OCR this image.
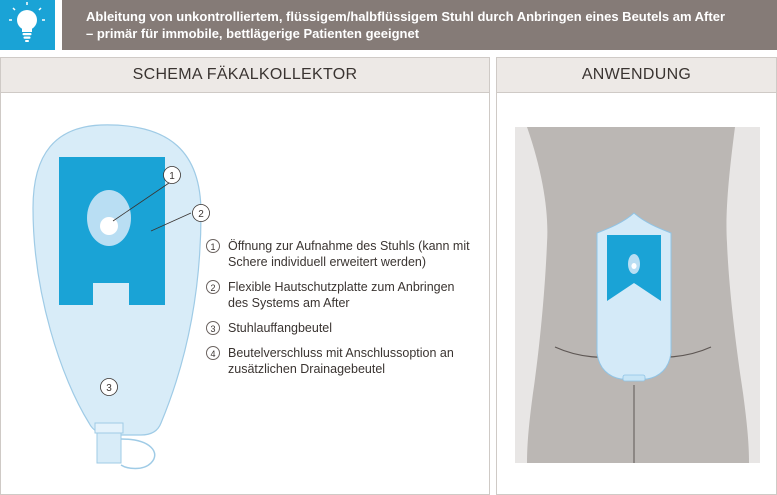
Ableitung von unkontrolliertem, flüssigem/halbflüssigem Stuhl durch Anbringen eines Beutels am After
– primär für immobile, bettlägerige Patienten geeignet
SCHEMA FÄKALKOLLEKTOR
1
2
3
1	Öffnung zur Aufnahme des Stuhls (kann mit
Schere individuell erweitert werden)
2	Flexible Hautschutzplatte zum Anbringen
des Systems am After
3	Stuhlauffangbeutel
4	Beutelverschluss mit Anschlussoption an
zusätzlichen Drainagebeutel
ANWENDUNG
